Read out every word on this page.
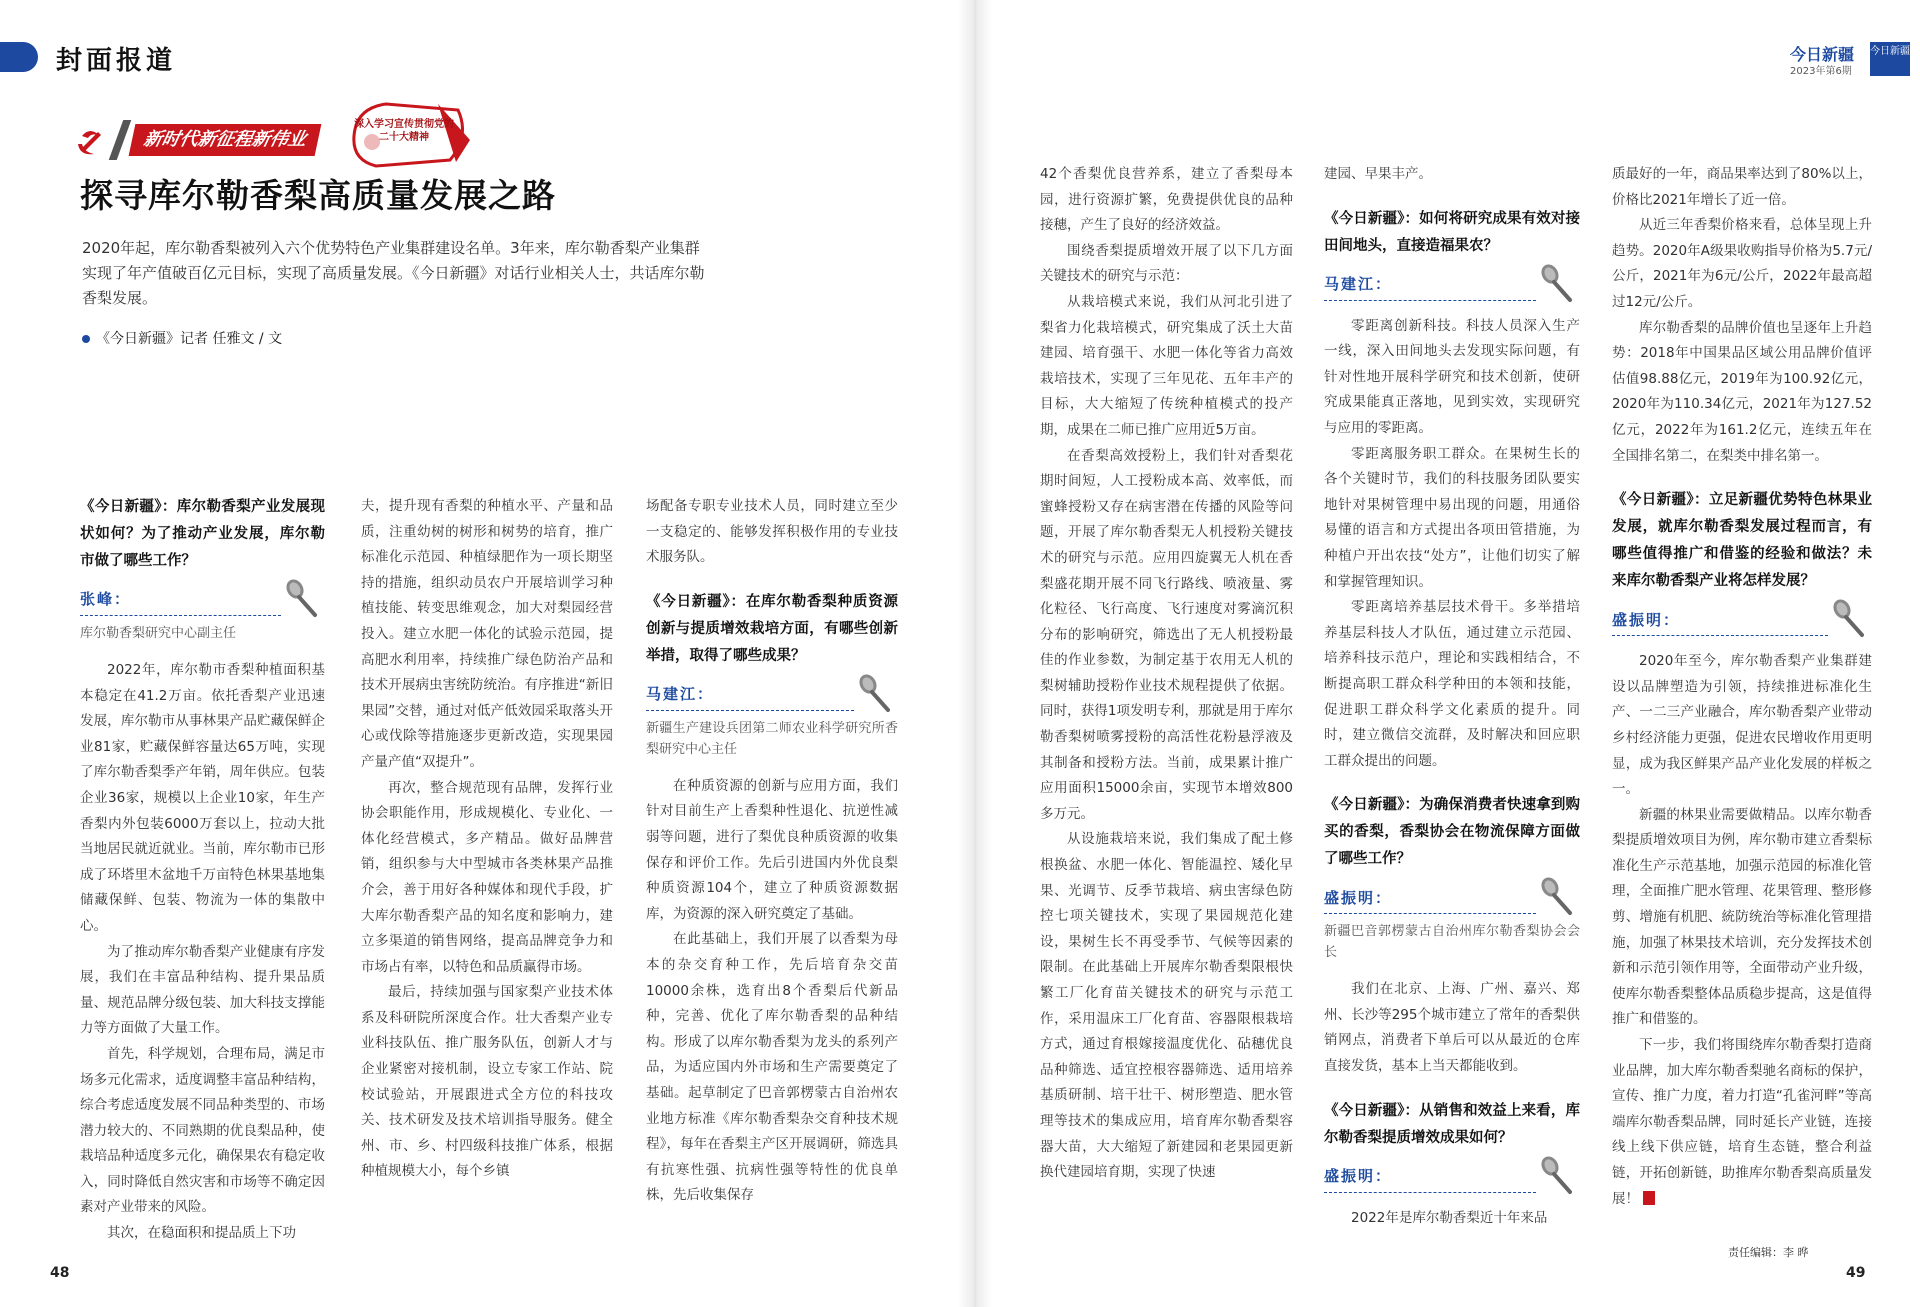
封面报道
新时代新征程新伟业
深入学习宣传贯彻党的二十大精神
探寻库尔勒香梨高质量发展之路
2020年起，库尔勒香梨被列入六个优势特色产业集群建设名单。3年来，库尔勒香梨产业集群实现了年产值破百亿元目标，实现了高质量发展。《今日新疆》对话行业相关人士，共话库尔勒香梨发展。
《今日新疆》记者 任雅文 / 文

《今日新疆》：库尔勒香梨产业发展现状如何？为了推动产业发展，库尔勒市做了哪些工作？

张峰：

库尔勒香梨研究中心副主任

2022年，库尔勒市香梨种植面积基本稳定在41.2万亩。依托香梨产业迅速发展，库尔勒市从事林果产品贮藏保鲜企业81家，贮藏保鲜容量达65万吨，实现了库尔勒香梨季产年销，周年供应。包装企业36家，规模以上企业10家，年生产香梨内外包装6000万套以上，拉动大批当地居民就近就业。当前，库尔勒市已形成了环塔里木盆地千万亩特色林果基地集储藏保鲜、包装、物流为一体的集散中心。

为了推动库尔勒香梨产业健康有序发展，我们在丰富品种结构、提升果品质量、规范品牌分级包装、加大科技支撑能力等方面做了大量工作。

首先，科学规划，合理布局，满足市场多元化需求，适度调整丰富品种结构，综合考虑适度发展不同品种类型的、市场潜力较大的、不同熟期的优良梨品种，使栽培品种适度多元化，确保果农有稳定收入，同时降低自然灾害和市场等不确定因素对产业带来的风险。

其次，在稳面积和提品质上下功

夫，提升现有香梨的种植水平、产量和品质，注重幼树的树形和树势的培育，推广标准化示范园、种植绿肥作为一项长期坚持的措施，组织动员农户开展培训学习种植技能、转变思维观念，加大对梨园经营投入。建立水肥一体化的试验示范园，提高肥水利用率，持续推广绿色防治产品和技术开展病虫害统防统治。有序推进“新旧果园”交替，通过对低产低效园采取落头开心或伐除等措施逐步更新改造，实现果园产量产值“双提升”。

再次，整合规范现有品牌，发挥行业协会职能作用，形成规模化、专业化、一体化经营模式，多产精品。做好品牌营销，组织参与大中型城市各类林果产品推介会，善于用好各种媒体和现代手段，扩大库尔勒香梨产品的知名度和影响力，建立多渠道的销售网络，提高品牌竞争力和市场占有率，以特色和品质赢得市场。

最后，持续加强与国家梨产业技术体系及科研院所深度合作。壮大香梨产业专业科技队伍、推广服务队伍，创新人才与企业紧密对接机制，设立专家工作站、院校试验站，开展跟进式全方位的科技攻关、技术研发及技术培训指导服务。健全州、市、乡、村四级科技推广体系，根据种植规模大小，每个乡镇

场配备专职专业技术人员，同时建立至少一支稳定的、能够发挥积极作用的专业技术服务队。

《今日新疆》：在库尔勒香梨种质资源创新与提质增效栽培方面，有哪些创新举措，取得了哪些成果？

马建江：

新疆生产建设兵团第二师农业科学研究所香梨研究中心主任

在种质资源的创新与应用方面，我们针对目前生产上香梨种性退化、抗逆性减弱等问题，进行了梨优良种质资源的收集保存和评价工作。先后引进国内外优良梨种质资源104个，建立了种质资源数据库，为资源的深入研究奠定了基础。

在此基础上，我们开展了以香梨为母本的杂交育种工作，先后培育杂交苗10000余株，选育出8个香梨后代新品种，完善、优化了库尔勒香梨的品种结构。形成了以库尔勒香梨为龙头的系列产品，为适应国内外市场和生产需要奠定了基础。起草制定了巴音郭楞蒙古自治州农业地方标准《库尔勒香梨杂交育种技术规程》，每年在香梨主产区开展调研，筛选具有抗寒性强、抗病性强等特性的优良单株，先后收集保存

48
今日新疆
2023年第6期
今日新疆

42个香梨优良营养系，建立了香梨母本园，进行资源扩繁，免费提供优良的品种接穗，产生了良好的经济效益。

围绕香梨提质增效开展了以下几方面关键技术的研究与示范：

从栽培模式来说，我们从河北引进了梨省力化栽培模式，研究集成了沃土大苗建园、培育强干、水肥一体化等省力高效栽培技术，实现了三年见花、五年丰产的目标，大大缩短了传统种植模式的投产期，成果在二师已推广应用近5万亩。

在香梨高效授粉上，我们针对香梨花期时间短，人工授粉成本高、效率低，而蜜蜂授粉又存在病害潜在传播的风险等问题，开展了库尔勒香梨无人机授粉关键技术的研究与示范。应用四旋翼无人机在香梨盛花期开展不同飞行路线、喷液量、雾化粒径、飞行高度、飞行速度对雾滴沉积分布的影响研究，筛选出了无人机授粉最佳的作业参数，为制定基于农用无人机的梨树辅助授粉作业技术规程提供了依据。同时，获得1项发明专利，那就是用于库尔勒香梨树喷雾授粉的高活性花粉悬浮液及其制备和授粉方法。当前，成果累计推广应用面积15000余亩，实现节本增效800多万元。

从设施栽培来说，我们集成了配土修根换盆、水肥一体化、智能温控、矮化早果、光调节、反季节栽培、病虫害绿色防控七项关键技术，实现了果园规范化建设，果树生长不再受季节、气候等因素的限制。在此基础上开展库尔勒香梨限根快繁工厂化育苗关键技术的研究与示范工作，采用温床工厂化育苗、容器限根栽培方式，通过育根嫁接温度优化、砧穗优良品种筛选、适宜控根容器筛选、适用培养基质研制、培干壮干、树形塑造、肥水管理等技术的集成应用，培育库尔勒香梨容器大苗，大大缩短了新建园和老果园更新换代建园培育期，实现了快速

建园、早果丰产。

《今日新疆》：如何将研究成果有效对接田间地头，直接造福果农？

马建江：

零距离创新科技。科技人员深入生产一线，深入田间地头去发现实际问题，有针对性地开展科学研究和技术创新，使研究成果能真正落地，见到实效，实现研究与应用的零距离。

零距离服务职工群众。在果树生长的各个关键时节，我们的科技服务团队要实地针对果树管理中易出现的问题，用通俗易懂的语言和方式提出各项田管措施，为种植户开出农技“处方”，让他们切实了解和掌握管理知识。

零距离培养基层技术骨干。多举措培养基层科技人才队伍，通过建立示范园、培养科技示范户，理论和实践相结合，不断提高职工群众科学种田的本领和技能，促进职工群众科学文化素质的提升。同时，建立微信交流群，及时解决和回应职工群众提出的问题。

《今日新疆》：为确保消费者快速拿到购买的香梨，香梨协会在物流保障方面做了哪些工作？

盛振明：

新疆巴音郭楞蒙古自治州库尔勒香梨协会会长

我们在北京、上海、广州、嘉兴、郑州、长沙等295个城市建立了常年的香梨供销网点，消费者下单后可以从最近的仓库直接发货，基本上当天都能收到。

《今日新疆》：从销售和效益上来看，库尔勒香梨提质增效成果如何？

盛振明：

2022年是库尔勒香梨近十年来品

质最好的一年，商品果率达到了80%以上，价格比2021年增长了近一倍。

从近三年香梨价格来看，总体呈现上升趋势。2020年A级果收购指导价格为5.7元/公斤，2021年为6元/公斤，2022年最高超过12元/公斤。

库尔勒香梨的品牌价值也呈逐年上升趋势：2018年中国果品区域公用品牌价值评估值98.88亿元，2019年为100.92亿元，2020年为110.34亿元，2021年为127.52亿元，2022年为161.2亿元，连续五年在全国排名第二，在梨类中排名第一。

《今日新疆》：立足新疆优势特色林果业发展，就库尔勒香梨发展过程而言，有哪些值得推广和借鉴的经验和做法？未来库尔勒香梨产业将怎样发展？

盛振明：

2020年至今，库尔勒香梨产业集群建设以品牌塑造为引领，持续推进标准化生产、一二三产业融合，库尔勒香梨产业带动乡村经济能力更强，促进农民增收作用更明显，成为我区鲜果产品产业化发展的样板之一。

新疆的林果业需要做精品。以库尔勒香梨提质增效项目为例，库尔勒市建立香梨标准化生产示范基地，加强示范园的标准化管理，全面推广肥水管理、花果管理、整形修剪、增施有机肥、統防统治等标准化管理措施，加强了林果技术培训，充分发挥技术创新和示范引领作用等，全面带动产业升级，使库尔勒香梨整体品质稳步提高，这是值得推广和借鉴的。

下一步，我们将围绕库尔勒香梨打造商业品牌，加大库尔勒香梨驰名商标的保护，宣传、推广力度，着力打造“孔雀河畔”等高端库尔勒香梨品牌，同时延长产业链，连接线上线下供应链，培育生态链，整合利益链，开拓创新链，助推库尔勒香梨高质量发展！

责任编辑：李 晔
49
